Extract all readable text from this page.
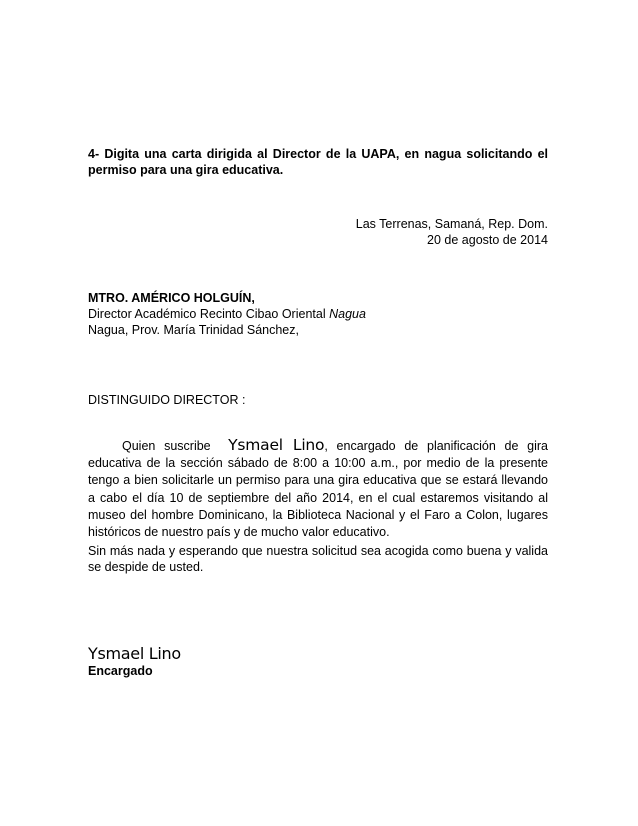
4- Digita una carta dirigida al Director de la UAPA, en nagua solicitando el permiso para una gira educativa.
Las Terrenas, Samaná, Rep. Dom.
20 de agosto de 2014
MTRO. AMÉRICO HOLGUÍN,
Director Académico Recinto Cibao Oriental Nagua
Nagua, Prov. María Trinidad Sánchez,
DISTINGUIDO DIRECTOR :
Quien suscribe Ysmael Lino, encargado de planificación de gira educativa de la sección sábado de 8:00 a 10:00 a.m., por medio de la presente tengo a bien solicitarle un permiso para una gira educativa que se estará llevando a cabo el día 10 de septiembre del año 2014, en el cual estaremos visitando al museo del hombre Dominicano, la Biblioteca Nacional y el Faro a Colon, lugares históricos de nuestro país y de mucho valor educativo.
Sin más nada y esperando que nuestra solicitud sea acogida como buena y valida se despide de usted.
Ysmael Lino
Encargado
